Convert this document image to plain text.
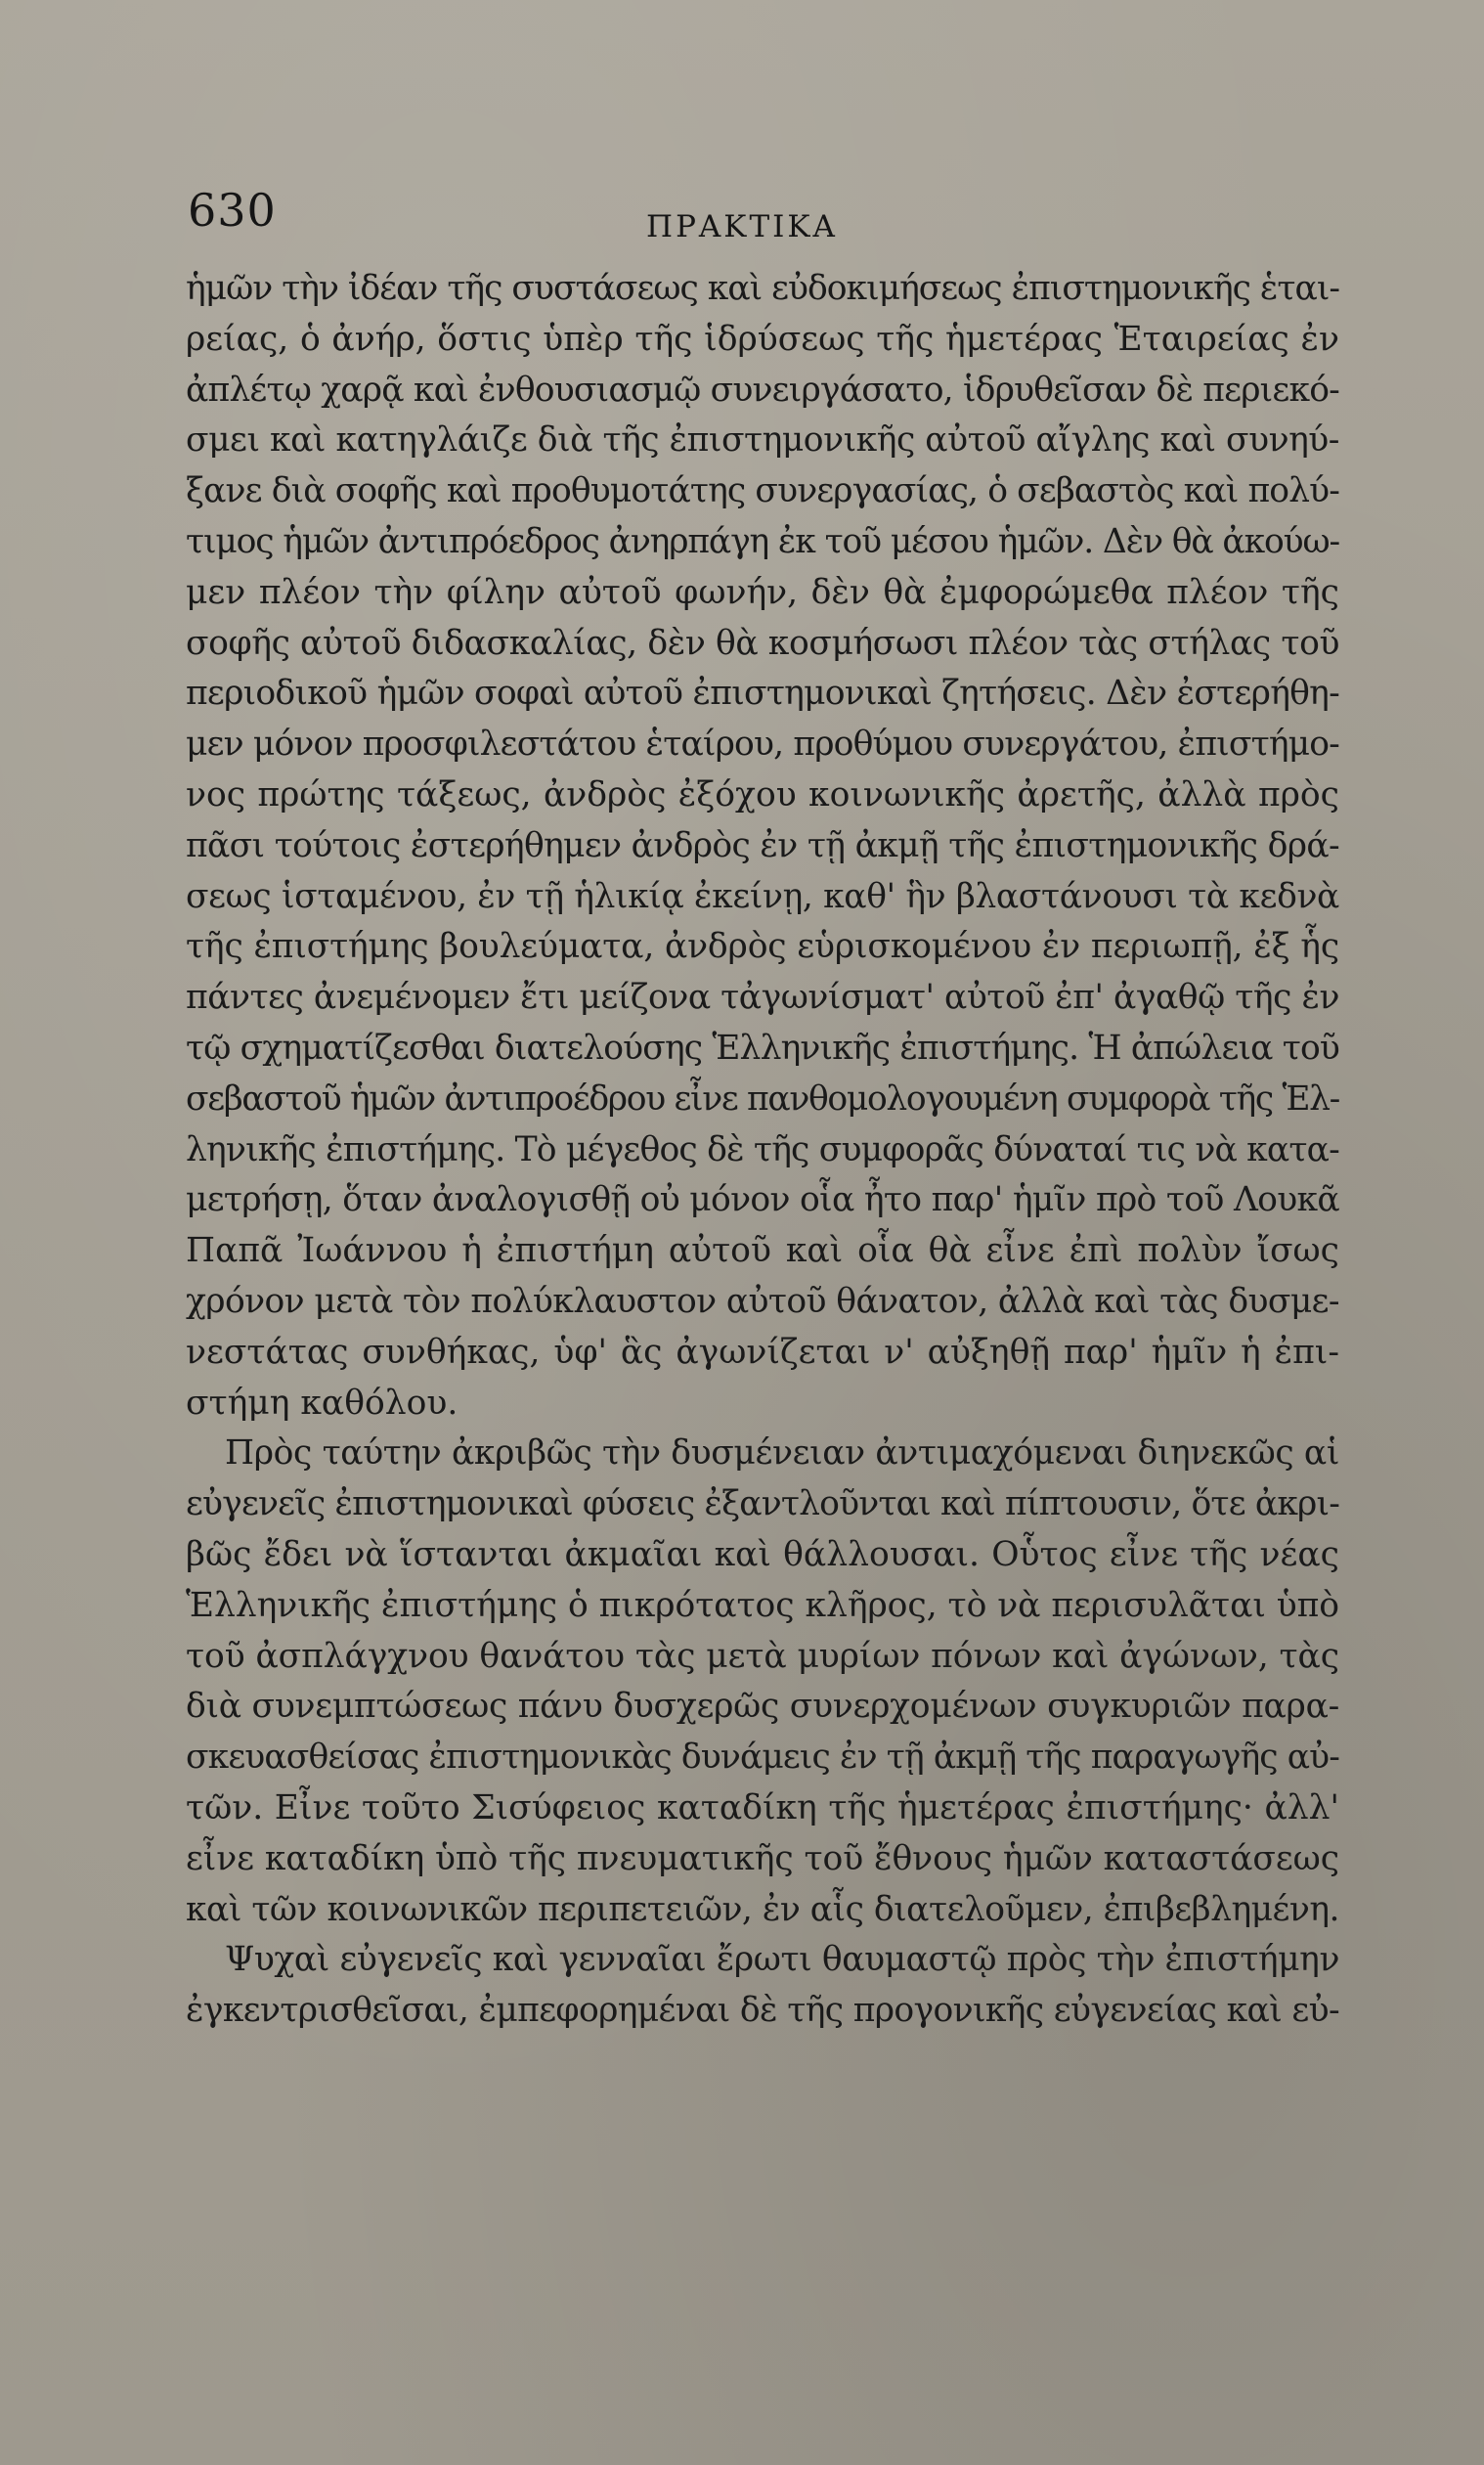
630	ΠΡΑΚΤΙΚΑ
ἡμῶν τὴν ἰδέαν τῆς συστάσεως καὶ εὐδοκιμήσεως ἐπιστημονικῆς ἑται-
ρείας, ὁ ἀνήρ, ὅστις ὑπὲρ τῆς ἱδρύσεως τῆς ἡμετέρας Ἑταιρείας ἐν
ἀπλέτῳ χαρᾷ καὶ ἐνθουσιασμῷ συνειργάσατο, ἱδρυθεῖσαν δὲ περιεκό-
σμει καὶ κατηγλάιζε διὰ τῆς ἐπιστημονικῆς αὐτοῦ αἴγλης καὶ συνηύ-
ξανε διὰ σοφῆς καὶ προθυμοτάτης συνεργασίας, ὁ σεβαστὸς καὶ πολύ-
τιμος ἡμῶν ἀντιπρόεδρος ἀνηρπάγη ἐκ τοῦ μέσου ἡμῶν. Δὲν θὰ ἀκούω-
μεν πλέον τὴν φίλην αὐτοῦ φωνήν, δὲν θὰ ἐμφορώμεθα πλέον τῆς
σοφῆς αὐτοῦ διδασκαλίας, δὲν θὰ κοσμήσωσι πλέον τὰς στήλας τοῦ
περιοδικοῦ ἡμῶν σοφαὶ αὐτοῦ ἐπιστημονικαὶ ζητήσεις. Δὲν ἐστερήθη-
μεν μόνον προσφιλεστάτου ἑταίρου, προθύμου συνεργάτου, ἐπιστήμο-
νος πρώτης τάξεως, ἀνδρὸς ἐξόχου κοινωνικῆς ἀρετῆς, ἀλλὰ πρὸς
πᾶσι τούτοις ἐστερήθημεν ἀνδρὸς ἐν τῇ ἀκμῇ τῆς ἐπιστημονικῆς δρά-
σεως ἱσταμένου, ἐν τῇ ἡλικίᾳ ἐκείνῃ, καθ' ἣν βλαστάνουσι τὰ κεδνὰ
τῆς ἐπιστήμης βουλεύματα, ἀνδρὸς εὑρισκομένου ἐν περιωπῇ, ἐξ ἧς
πάντες ἀνεμένομεν ἔτι μείζονα τἀγωνίσματ' αὐτοῦ ἐπ' ἀγαθῷ τῆς ἐν
τῷ σχηματίζεσθαι διατελούσης Ἑλληνικῆς ἐπιστήμης. Ἡ ἀπώλεια τοῦ
σεβαστοῦ ἡμῶν ἀντιπροέδρου εἶνε πανθομολογουμένη συμφορὰ τῆς Ἑλ-
ληνικῆς ἐπιστήμης. Τὸ μέγεθος δὲ τῆς συμφορᾶς δύναταί τις νὰ κατα-
μετρήσῃ, ὅταν ἀναλογισθῇ οὐ μόνον οἷα ἦτο παρ' ἡμῖν πρὸ τοῦ Λουκᾶ
Παπᾶ Ἰωάννου ἡ ἐπιστήμη αὐτοῦ καὶ οἷα θὰ εἶνε ἐπὶ πολὺν ἴσως
χρόνον μετὰ τὸν πολύκλαυστον αὐτοῦ θάνατον, ἀλλὰ καὶ τὰς δυσμε-
νεστάτας συνθήκας, ὑφ' ἃς ἀγωνίζεται ν' αὐξηθῇ παρ' ἡμῖν ἡ ἐπι-
στήμη καθόλου.
Πρὸς ταύτην ἀκριβῶς τὴν δυσμένειαν ἀντιμαχόμεναι διηνεκῶς αἱ
εὐγενεῖς ἐπιστημονικαὶ φύσεις ἐξαντλοῦνται καὶ πίπτουσιν, ὅτε ἀκρι-
βῶς ἔδει νὰ ἵστανται ἀκμαῖαι καὶ θάλλουσαι. Οὗτος εἶνε τῆς νέας
Ἑλληνικῆς ἐπιστήμης ὁ πικρότατος κλῆρος, τὸ νὰ περισυλᾶται ὑπὸ
τοῦ ἀσπλάγχνου θανάτου τὰς μετὰ μυρίων πόνων καὶ ἀγώνων, τὰς
διὰ συνεμπτώσεως πάνυ δυσχερῶς συνερχομένων συγκυριῶν παρα-
σκευασθείσας ἐπιστημονικὰς δυνάμεις ἐν τῇ ἀκμῇ τῆς παραγωγῆς αὐ-
τῶν. Εἶνε τοῦτο Σισύφειος καταδίκη τῆς ἡμετέρας ἐπιστήμης· ἀλλ'
εἶνε καταδίκη ὑπὸ τῆς πνευματικῆς τοῦ ἔθνους ἡμῶν καταστάσεως
καὶ τῶν κοινωνικῶν περιπετειῶν, ἐν αἷς διατελοῦμεν, ἐπιβεβλημένη.
Ψυχαὶ εὐγενεῖς καὶ γενναῖαι ἔρωτι θαυμαστῷ πρὸς τὴν ἐπιστήμην
ἐγκεντρισθεῖσαι, ἐμπεφορημέναι δὲ τῆς προγονικῆς εὐγενείας καὶ εὐ-
